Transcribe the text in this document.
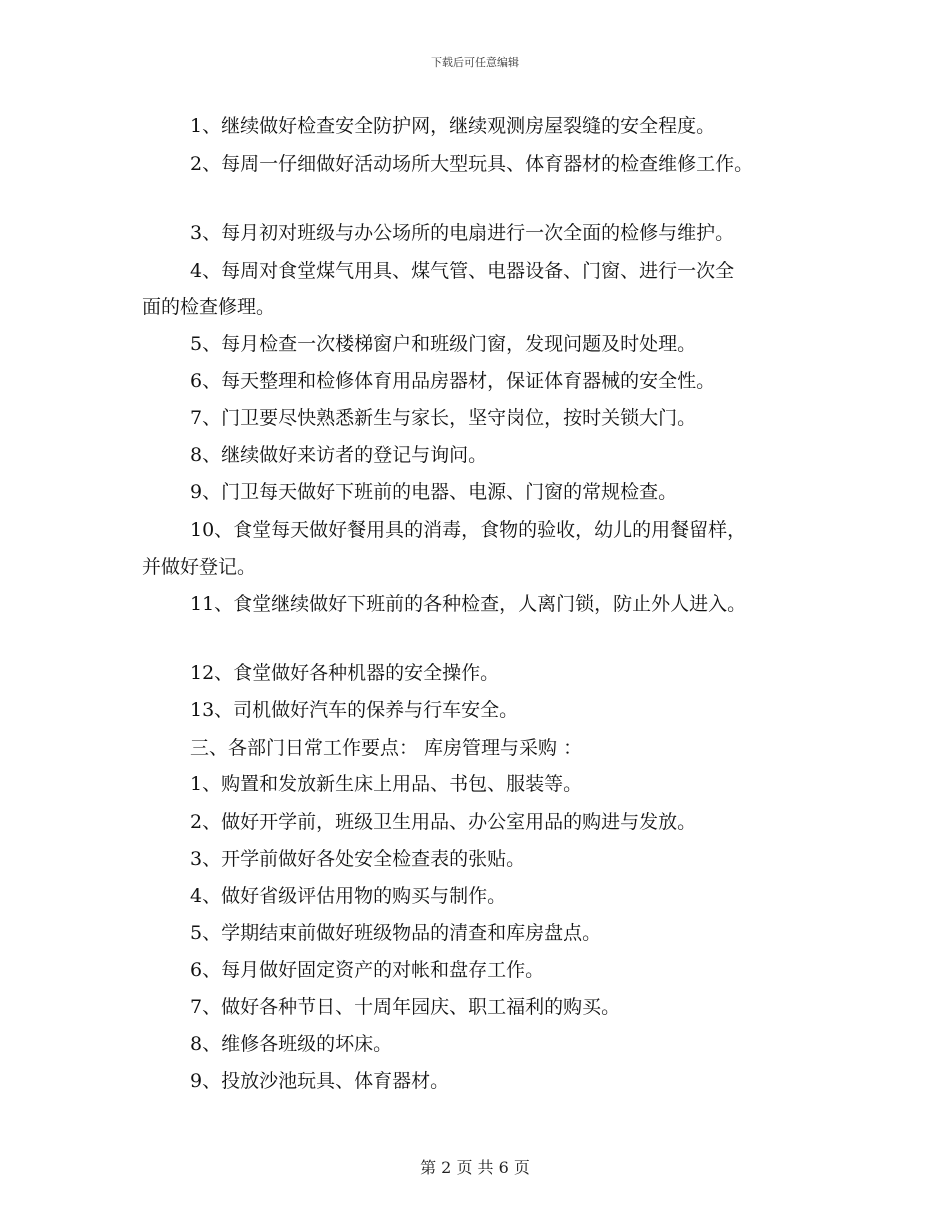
下载后可任意编辑
1、继续做好检查安全防护网，继续观测房屋裂缝的安全程度。
2、每周一仔细做好活动场所大型玩具、体育器材的检查维修工作。
3、每月初对班级与办公场所的电扇进行一次全面的检修与维护。
4、每周对食堂煤气用具、煤气管、电器设备、门窗、进行一次全
面的检查修理。
5、每月检查一次楼梯窗户和班级门窗，发现问题及时处理。
6、每天整理和检修体育用品房器材，保证体育器械的安全性。
7、门卫要尽快熟悉新生与家长，坚守岗位，按时关锁大门。
8、继续做好来访者的登记与询问。
9、门卫每天做好下班前的电器、电源、门窗的常规检查。
10、食堂每天做好餐用具的消毒，食物的验收，幼儿的用餐留样，
并做好登记。
11、食堂继续做好下班前的各种检查，人离门锁，防止外人进入。
12、食堂做好各种机器的安全操作。
13、司机做好汽车的保养与行车安全。
三、各部门日常工作要点： 库房管理与采购 ：
1、购置和发放新生床上用品、书包、服装等。
2、做好开学前，班级卫生用品、办公室用品的购进与发放。
3、开学前做好各处安全检查表的张贴。
4、做好省级评估用物的购买与制作。
5、学期结束前做好班级物品的清查和库房盘点。
6、每月做好固定资产的对帐和盘存工作。
7、做好各种节日、十周年园庆、职工福利的购买。
8、维修各班级的坏床。
9、投放沙池玩具、体育器材。
第 2 页 共 6 页
